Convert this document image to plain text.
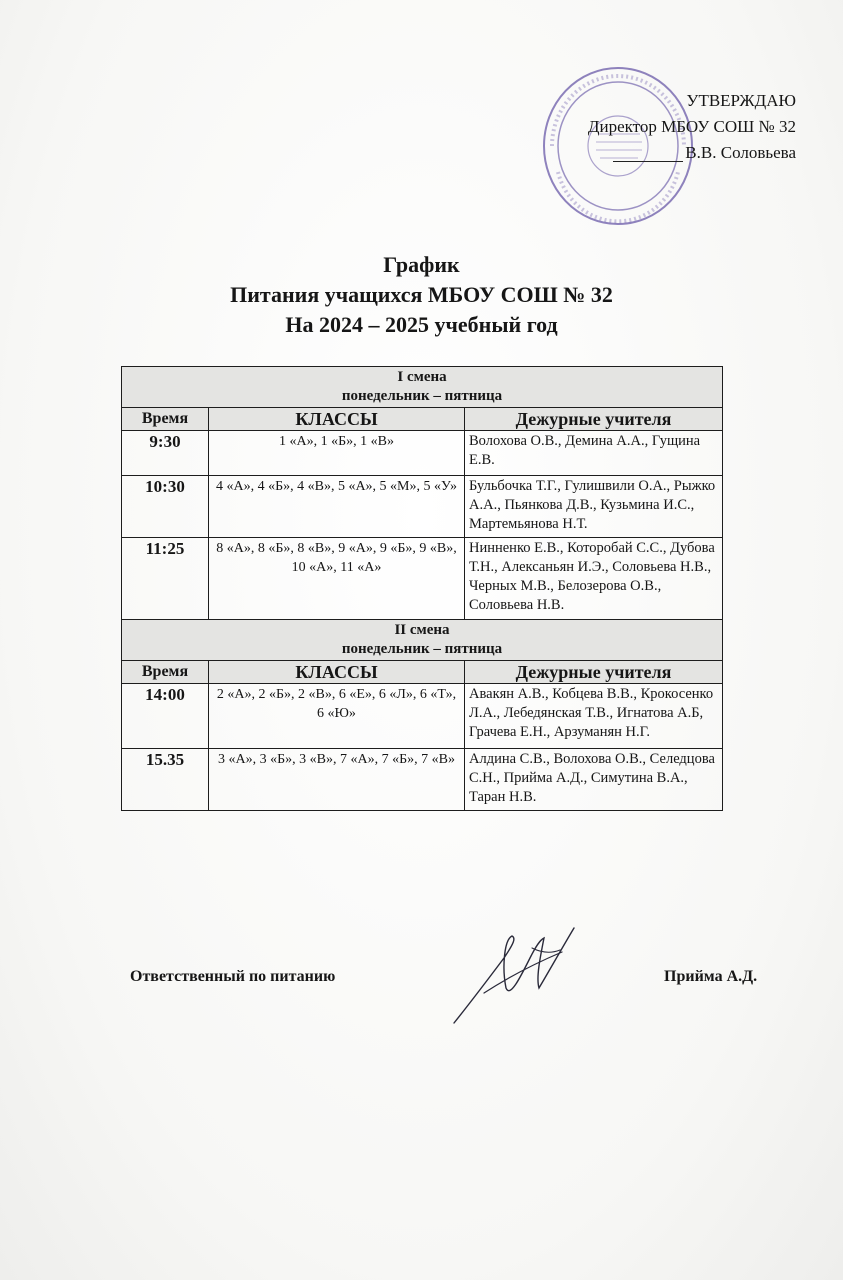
УТВЕРЖДАЮ
Директор МБОУ СОШ № 32
В.В. Соловьева
График
Питания учащихся МБОУ СОШ № 32
На 2024 – 2025 учебный год
I смена
понедельник – пятница		

Время	КЛАССЫ	Дежурные учителя
9:30	1 «А», 1 «Б», 1 «В»	Волохова О.В., Демина А.А., Гущина Е.В.
10:30	4 «А», 4 «Б», 4 «В», 5 «А», 5 «М», 5 «У»	Бульбочка Т.Г., Гулишвили О.А., Рыжко А.А., Пьянкова Д.В., Кузьмина И.С., Мартемьянова Н.Т.
11:25	8 «А», 8 «Б», 8 «В», 9 «А», 9 «Б», 9 «В», 10 «А», 11 «А»	Нинненко Е.В., Которобай С.С., Дубова Т.Н., Алексаньян И.Э., Соловьева Н.В., Черных М.В., Белозерова О.В., Соловьева Н.В.

II смена
понедельник – пятница		

Время	КЛАССЫ	Дежурные учителя
14:00	2 «А», 2 «Б», 2 «В», 6 «Е», 6 «Л», 6 «Т», 6 «Ю»	Авакян А.В., Кобцева В.В., Крокосенко Л.А., Лебедянская Т.В., Игнатова А.Б, Грачева Е.Н., Арзуманян Н.Г.
15.35	3 «А», 3 «Б», 3 «В», 7 «А», 7 «Б», 7 «В»	Алдина С.В., Волохова О.В., Селедцова С.Н., Прийма А.Д., Симутина В.А., Таран Н.В.
Ответственный по питанию	Прийма А.Д.
